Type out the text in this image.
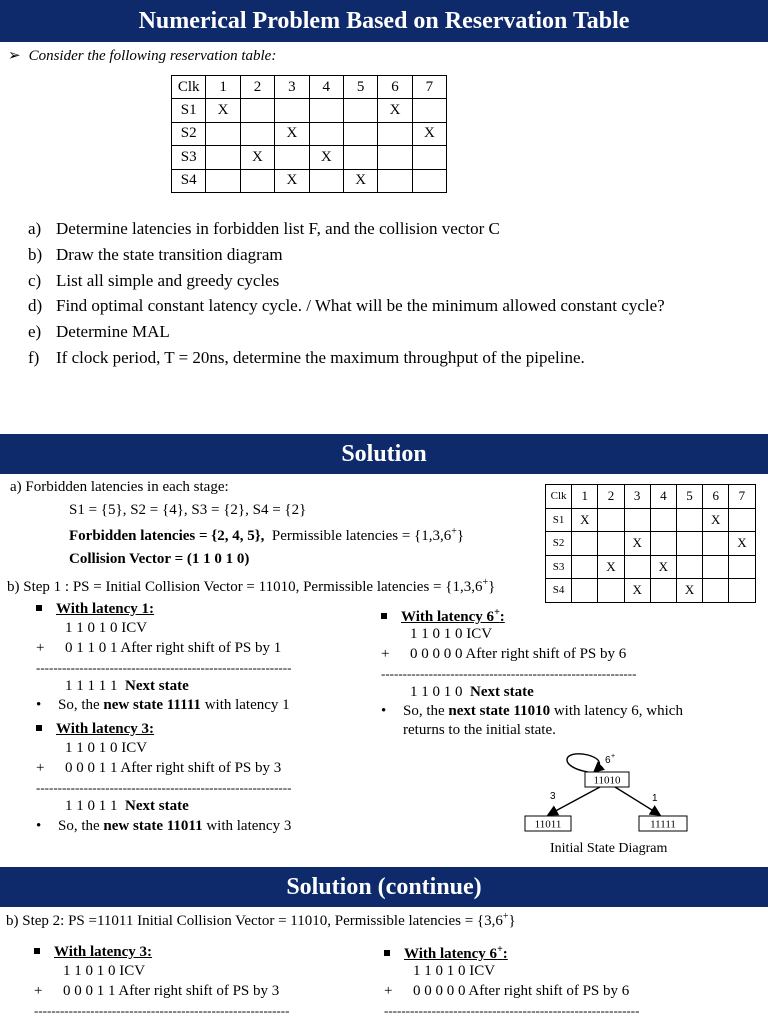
Numerical Problem Based on Reservation Table
➢ Consider the following reservation table:
Clk	1	2	3	4	5	6	7
S1	X					X	
S2			X				X
S3		X		X			
S4			X		X		
a) Determine latencies in forbidden list F, and the collision vector C
b) Draw the state transition diagram
c) List all simple and greedy cycles
d) Find optimal constant latency cycle. / What will be the minimum allowed constant cycle?
e) Determine MAL
f) If clock period, T = 20ns, determine the maximum throughput of the pipeline.
Solution
a) Forbidden latencies in each stage:
S1 = {5}, S2 = {4}, S3 = {2}, S4 = {2}
Forbidden latencies = {2, 4, 5}, Permissible latencies = {1,3,6+}
Collision Vector = (1 1 0 1 0)
b) Step 1 : PS = Initial Collision Vector = 11010, Permissible latencies = {1,3,6+}
Clk	1	2	3	4	5	6	7
S1	X					X	
S2			X				X
S3		X		X			
S4			X		X		
With latency 1:
1 1 0 1 0 ICV
+ 0 1 1 0 1 After right shift of PS by 1
-----------------------------------------------------------
1 1 1 1 1 Next state
• So, the new state 11111 with latency 1
With latency 3:
1 1 0 1 0 ICV
+ 0 0 0 1 1 After right shift of PS by 3
-----------------------------------------------------------
1 1 0 1 1 Next state
• So, the new state 11011 with latency 3
With latency 6+:
1 1 0 1 0 ICV
+ 0 0 0 0 0 After right shift of PS by 6
-----------------------------------------------------------
1 1 0 1 0 Next state
• So, the next state 11010 with latency 6, which
returns to the initial state.
6 +
11010
3	1
11011	11111
Initial State Diagram
Solution (continue)
b) Step 2: PS =11011 Initial Collision Vector = 11010, Permissible latencies = {3,6+}
With latency 3:
1 1 0 1 0 ICV
+ 0 0 0 1 1 After right shift of PS by 3
-----------------------------------------------------------
With latency 6+:
1 1 0 1 0 ICV
+ 0 0 0 0 0 After right shift of PS by 6
-----------------------------------------------------------
